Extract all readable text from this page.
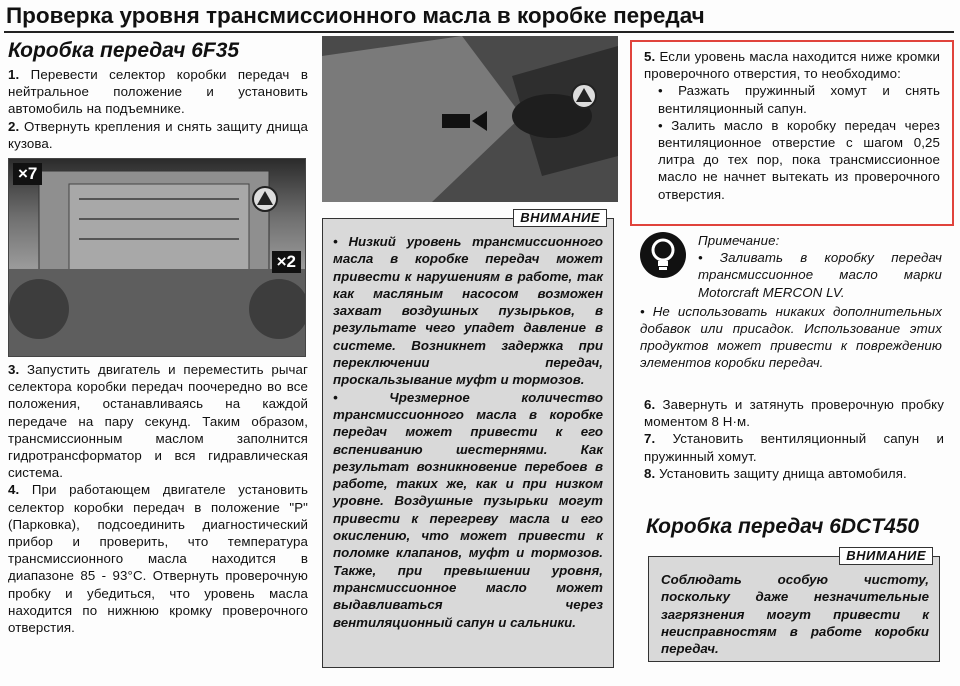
Проверка уровня трансмиссионного масла в коробке передач
Коробка передач 6F35

1. Перевести селектор коробки передач в нейтральное положение и установить автомобиль на подъемнике.

2. Отвернуть крепления и снять защиту днища кузова.

×7
×2

3. Запустить двигатель и переместить рычаг селектора коробки передач поочередно во все положения, останавливаясь на каждой передаче на пару секунд. Таким образом, трансмиссионным маслом заполнится гидротрансформатор и вся гидравлическая система.

4. При работающем двигателе установить селектор коробки передач в положение "P" (Парковка), подсоединить диагностический прибор и проверить, что температура трансмиссионного масла находится в диапазоне 85 - 93°С. Отвернуть проверочную пробку и убедиться, что уровень масла находится по нижнюю кромку проверочного отверстия.

ВНИМАНИЕ

• Низкий уровень трансмиссионного масла в коробке передач может привести к нарушениям в работе, так как масляным насосом возможен захват воздушных пузырьков, в результате чего упадет давление в системе. Возникнет задержка при переключении передач, проскальзывание муфт и тормозов.

• Чрезмерное количество трансмиссионного масла в коробке передач может привести к его вспениванию шестернями. Как результат возникновение перебоев в работе, таких же, как и при низком уровне. Воздушные пузырьки могут привести к перегреву масла и его окислению, что может привести к поломке клапанов, муфт и тормозов. Также, при превышении уровня, трансмиссионное масло может выдавливаться через вентиляционный сапун и сальники.

5. Если уровень масла находится ниже кромки проверочного отверстия, то необходимо:

• Разжать пружинный хомут и снять вентиляционный сапун.

• Залить масло в коробку передач через вентиляционное отверстие с шагом 0,25 литра до тех пор, пока трансмиссионное масло не начнет вытекать из проверочного отверстия.

Примечание:

• Заливать в коробку передач трансмиссионное масло марки Motorcraft MERCON LV.

• Не использовать никаких дополнительных добавок или присадок. Использование этих продуктов может привести к повреждению элементов коробки передач.

6. Завернуть и затянуть проверочную пробку моментом 8 Н·м.

7. Установить вентиляционный сапун и пружинный хомут.

8. Установить защиту днища автомобиля.

Коробка передач 6DCT450
ВНИМАНИЕ

Соблюдать особую чистоту, поскольку даже незначительные загрязнения могут привести к неисправностям в работе коробки передач.
